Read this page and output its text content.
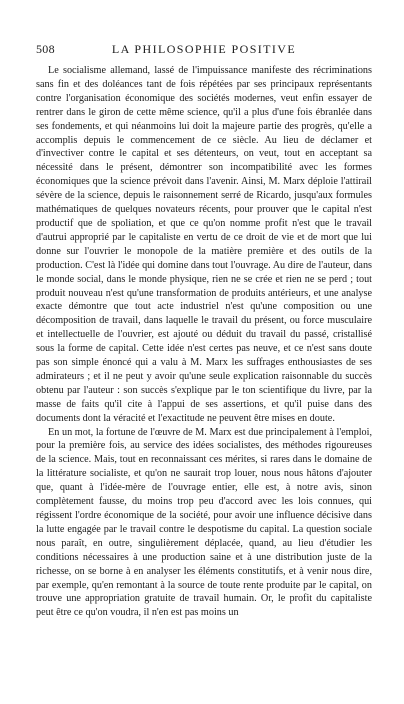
508	LA PHILOSOPHIE POSITIVE

Le socialisme allemand, lassé de l'impuissance manifeste des récriminations sans fin et des doléances tant de fois répétées par ses principaux représentants contre l'organisation économique des sociétés modernes, veut enfin essayer de rentrer dans le giron de cette même science, qu'il a plus d'une fois ébranlée dans ses fondements, et qui néanmoins lui doit la majeure partie des progrès, qu'elle a accomplis depuis le commencement de ce siècle. Au lieu de déclamer et d'invectiver contre le capital et ses détenteurs, on veut, tout en acceptant sa nécessité dans le présent, démontrer son incompatibilité avec les formes économiques que la science prévoit dans l'avenir. Ainsi, M. Marx déploie l'attirail sévère de la science, depuis le raisonnement serré de Ricardo, jusqu'aux formules mathématiques de quelques novateurs récents, pour prouver que le capital n'est productif que de spoliation, et que ce qu'on nomme profit n'est que le travail d'autrui approprié par le capitaliste en vertu de ce droit de vie et de mort que lui donne sur l'ouvrier le monopole de la matière première et des outils de la production. C'est là l'idée qui domine dans tout l'ouvrage. Au dire de l'auteur, dans le monde social, dans le monde physique, rien ne se crée et rien ne se perd ; tout produit nouveau n'est qu'une transformation de produits antérieurs, et une analyse exacte démontre que tout acte industriel n'est qu'une composition ou une décomposition de travail, dans laquelle le travail du présent, ou force musculaire et intellectuelle de l'ouvrier, est ajouté ou déduit du travail du passé, cristallisé sous la forme de capital. Cette idée n'est certes pas neuve, et ce n'est sans doute pas son simple énoncé qui a valu à M. Marx les suffrages enthousiastes de ses admirateurs ; et il ne peut y avoir qu'une seule explication raisonnable du succès obtenu par l'auteur : son succès s'explique par le ton scientifique du livre, par la masse de faits qu'il cite à l'appui de ses assertions, et qu'il puise dans des documents dont la véracité et l'exactitude ne peuvent être mises en doute.

En un mot, la fortune de l'œuvre de M. Marx est due principalement à l'emploi, pour la première fois, au service des idées socialistes, des méthodes rigoureuses de la science. Mais, tout en reconnaissant ces mérites, si rares dans le domaine de la littérature socialiste, et qu'on ne saurait trop louer, nous nous hâtons d'ajouter que, quant à l'idée-mère de l'ouvrage entier, elle est, à notre avis, sinon complètement fausse, du moins trop peu d'accord avec les lois connues, qui régissent l'ordre économique de la société, pour avoir une influence décisive dans la lutte engagée par le travail contre le despotisme du capital. La question sociale nous paraît, en outre, singulièrement déplacée, quand, au lieu d'étudier les conditions nécessaires à une production saine et à une distribution juste de la richesse, on se borne à en analyser les éléments constitutifs, et à venir nous dire, par exemple, qu'en remontant à la source de toute rente produite par le capital, on trouve une appropriation gratuite de travail humain. Or, le profit du capitaliste peut être ce qu'on voudra, il n'en est pas moins un
